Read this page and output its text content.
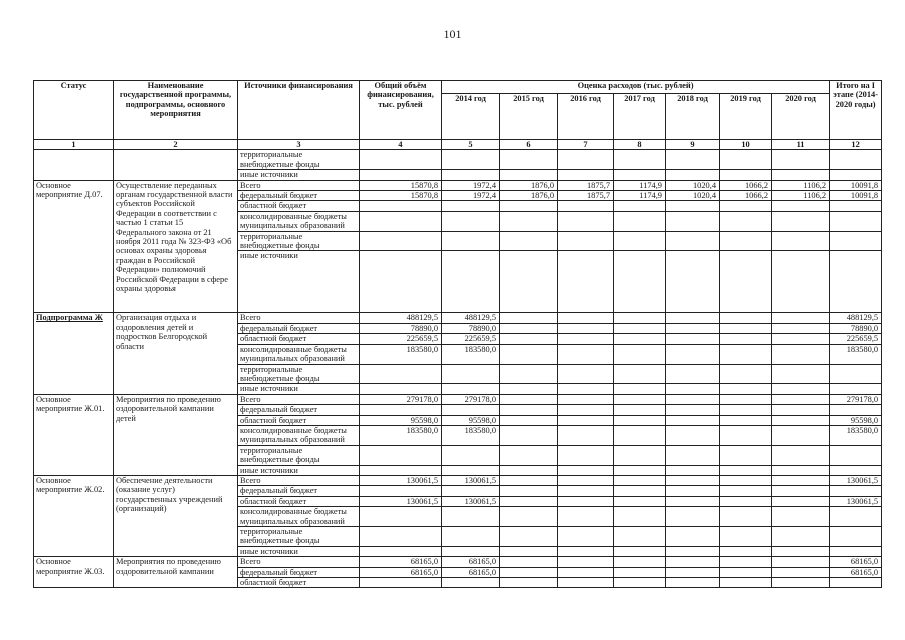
101
Статус	Наименование государственной программы, подпрограммы, основного мероприятия	Источники финансирования	Общий объём финансирования, тыс. рублей	Оценка расходов (тыс. рублей)							Итого на I этапе (2014-2020 годы)
				2014 год	2015 год	2016 год	2017 год	2018 год	2019 год	2020 год	
1	2	3	4	5	6	7	8	9	10	11	12
		территориальные внебюджетные фонды									
		иные источники									
Основное мероприятие Д.07.	Осуществление переданных органам государственной власти субъектов Российской Федерации в соответствии с частью 1 статьи 15 Федерального закона от 21 ноября 2011 года № 323-ФЗ «Об основах охраны здоровья граждан в Российской Федерации» полномочий Российской Федерации в сфере охраны здоровья	Всего	15870,8	1972,4	1876,0	1875,7	1174,9	1020,4	1066,2	1106,2	10091,8
		федеральный бюджет	15870,8	1972,4	1876,0	1875,7	1174,9	1020,4	1066,2	1106,2	10091,8
		областной бюджет									
		консолидированные бюджеты муниципальных образований									
		территориальные внебюджетные фонды									
		иные источники									
Подпрограмма Ж	Организация отдыха и оздоровления детей и подростков Белгородской области	Всего	488129,5	488129,5							488129,5
		федеральный бюджет	78890,0	78890,0							78890,0
		областной бюджет	225659,5	225659,5							225659,5
		консолидированные бюджеты муниципальных образований	183580,0	183580,0							183580,0
		территориальные внебюджетные фонды									
		иные источники									
Основное мероприятие Ж.01.	Мероприятия по проведению оздоровительной кампании детей	Всего	279178,0	279178,0							279178,0
		федеральный бюджет									
		областной бюджет	95598,0	95598,0							95598,0
		консолидированные бюджеты муниципальных образований	183580,0	183580,0							183580,0
		территориальные внебюджетные фонды									
		иные источники									
Основное мероприятие Ж.02.	Обеспечение деятельности (оказание услуг) государственных учреждений (организаций)	Всего	130061,5	130061,5							130061,5
		федеральный бюджет									
		областной бюджет	130061,5	130061,5							130061,5
		консолидированные бюджеты муниципальных образований									
		территориальные внебюджетные фонды									
		иные источники									
Основное мероприятие Ж.03.	Мероприятия по проведению оздоровительной кампании	Всего	68165,0	68165,0							68165,0
		федеральный бюджет	68165,0	68165,0							68165,0
		областной бюджет									
